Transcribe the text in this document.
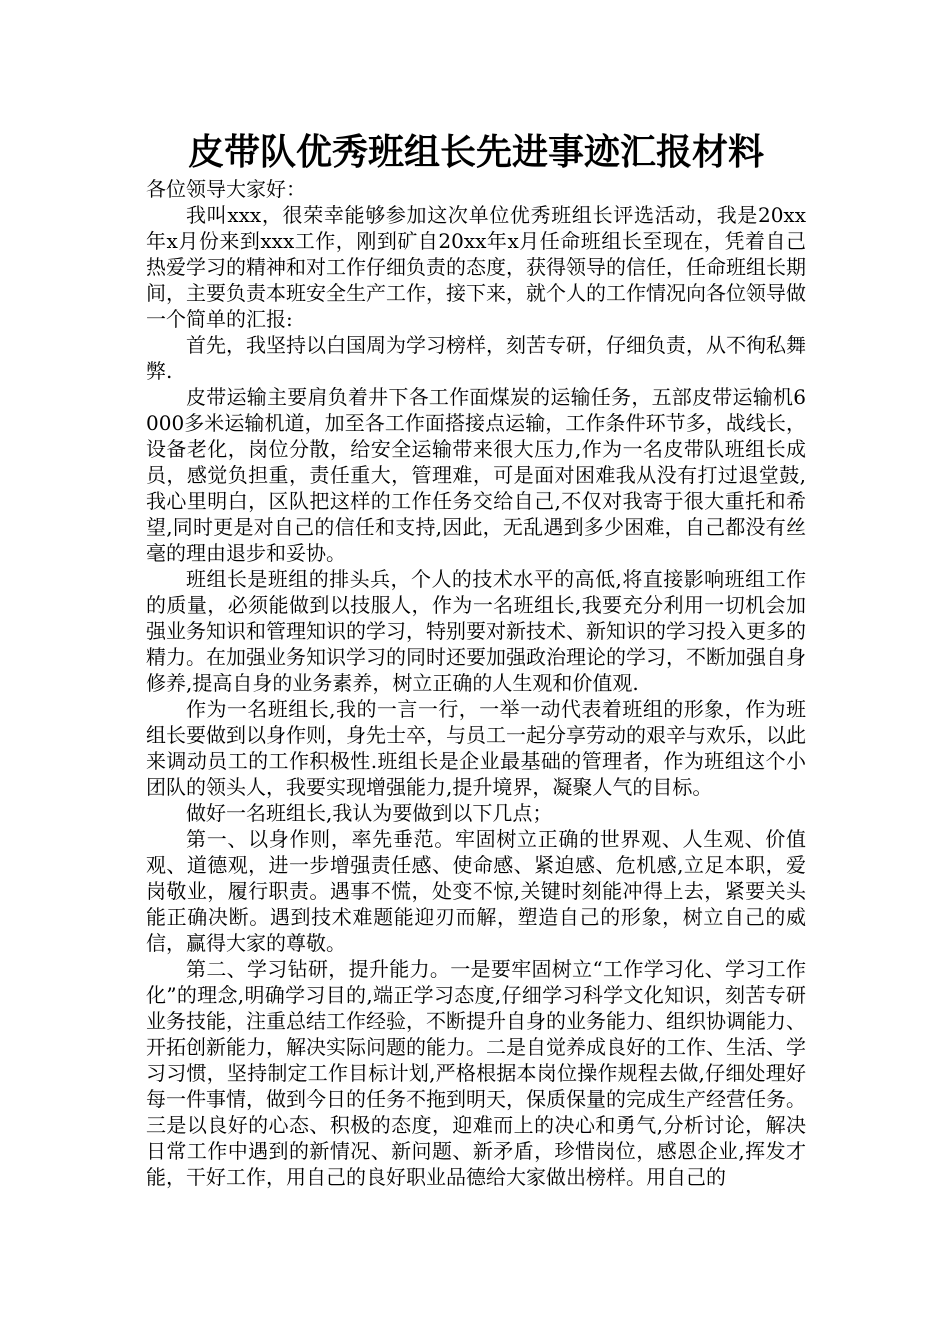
皮带队优秀班组长先进事迹汇报材料

各位领导大家好：

我叫xxx，很荣幸能够参加这次单位优秀班组长评选活动，我是20xx年x月份来到xxx工作，刚到矿自20xx年x月任命班组长至现在，凭着自己热爱学习的精神和对工作仔细负责的态度，获得领导的信任，任命班组长期间，主要负责本班安全生产工作，接下来，就个人的工作情况向各位领导做一个简单的汇报:

首先，我坚持以白国周为学习榜样，刻苦专研，仔细负责，从不徇私舞弊.

皮带运输主要肩负着井下各工作面煤炭的运输任务，五部皮带运输机6000多米运输机道，加至各工作面搭接点运输，工作条件环节多，战线长，设备老化，岗位分散，给安全运输带来很大压力,作为一名皮带队班组长成员，感觉负担重，责任重大，管理难，可是面对困难我从没有打过退堂鼓,我心里明白，区队把这样的工作任务交给自己,不仅对我寄于很大重托和希望,同时更是对自己的信任和支持,因此，无乱遇到多少困难，自己都没有丝毫的理由退步和妥协。

班组长是班组的排头兵，个人的技术水平的高低,将直接影响班组工作的质量，必须能做到以技服人，作为一名班组长,我要充分利用一切机会加强业务知识和管理知识的学习，特别要对新技术、新知识的学习投入更多的精力。在加强业务知识学习的同时还要加强政治理论的学习，不断加强自身修养,提高自身的业务素养，树立正确的人生观和价值观.

作为一名班组长,我的一言一行，一举一动代表着班组的形象，作为班组长要做到以身作则，身先士卒，与员工一起分享劳动的艰辛与欢乐，以此来调动员工的工作积极性.班组长是企业最基础的管理者，作为班组这个小团队的领头人，我要实现增强能力,提升境界，凝聚人气的目标。

做好一名班组长,我认为要做到以下几点；

第一、以身作则，率先垂范。牢固树立正确的世界观、人生观、价值观、道德观，进一步增强责任感、使命感、紧迫感、危机感,立足本职，爱岗敬业，履行职责。遇事不慌，处变不惊,关键时刻能冲得上去，紧要关头能正确决断。遇到技术难题能迎刃而解，塑造自己的形象，树立自己的威信，赢得大家的尊敬。

第二、学习钻研，提升能力。一是要牢固树立“工作学习化、学习工作化”的理念,明确学习目的,端正学习态度,仔细学习科学文化知识，刻苦专研业务技能，注重总结工作经验，不断提升自身的业务能力、组织协调能力、开拓创新能力，解决实际问题的能力。二是自觉养成良好的工作、生活、学习习惯，坚持制定工作目标计划,严格根据本岗位操作规程去做,仔细处理好每一件事情，做到今日的任务不拖到明天，保质保量的完成生产经营任务。三是以良好的心态、积极的态度，迎难而上的决心和勇气,分析讨论，解决日常工作中遇到的新情况、新问题、新矛盾，珍惜岗位，感恩企业,挥发才能，干好工作，用自己的良好职业品德给大家做出榜样。用自己的
